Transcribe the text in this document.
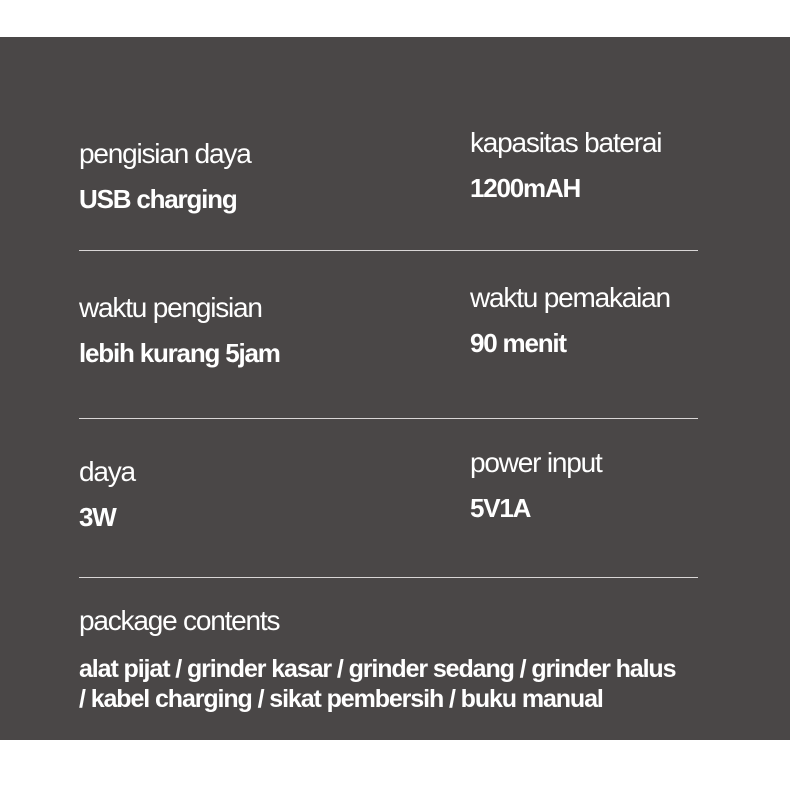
pengisian daya
USB charging
kapasitas baterai
1200mAH
waktu pengisian
lebih kurang 5jam
waktu pemakaian
90 menit
daya
3W
power input
5V1A
package contents
alat pijat / grinder kasar / grinder sedang / grinder halus
/ kabel charging / sikat pembersih / buku manual
